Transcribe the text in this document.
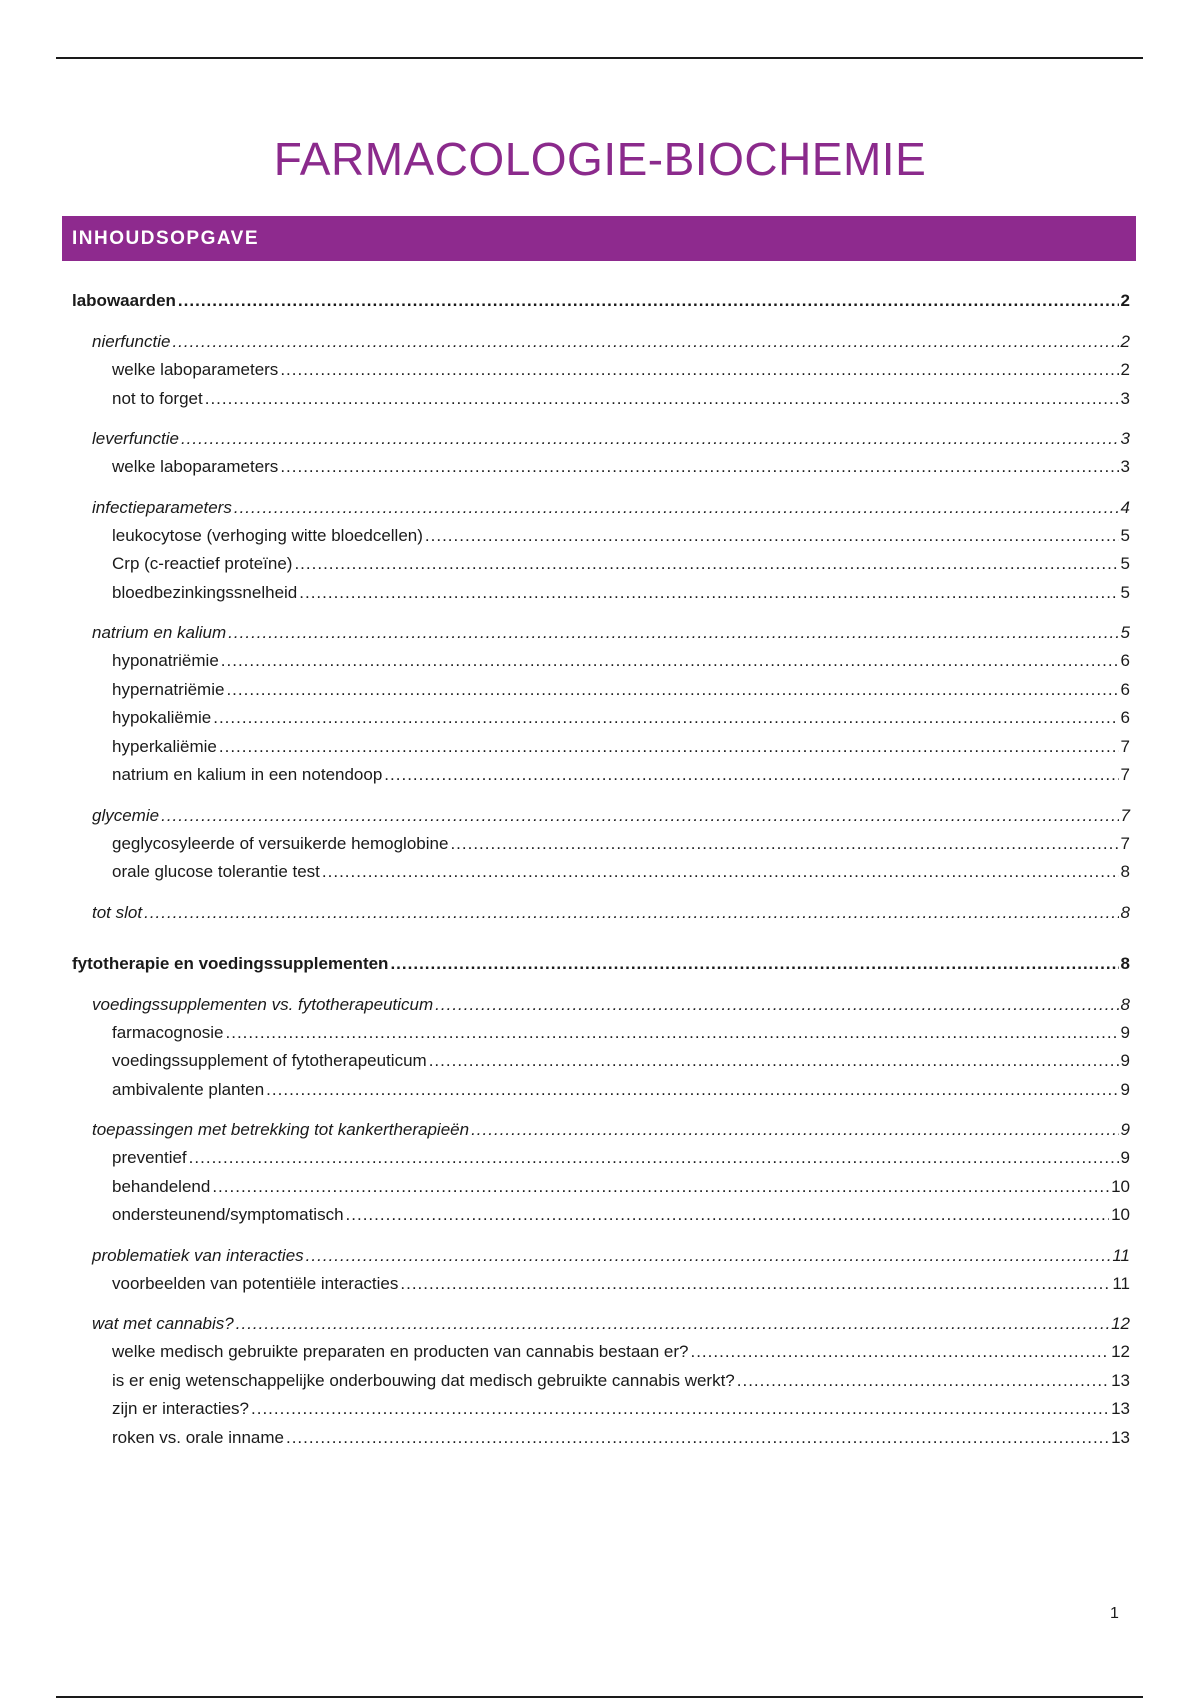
FARMACOLOGIE-BIOCHEMIE
INHOUDSOPGAVE
labowaarden .....	2
nierfunctie .....	2
welke laboparameters .....	2
not to forget .....	3
leverfunctie .....	3
welke laboparameters .....	3
infectieparameters .....	4
leukocytose (verhoging witte bloedcellen) .....	5
Crp (c-reactief proteïne) .....	5
bloedbezinkingssnelheid .....	5
natrium en kalium .....	5
hyponatriëmie .....	6
hypernatriëmie .....	6
hypokaliëmie .....	6
hyperkaliëmie .....	7
natrium en kalium in een notendoop .....	7
glycemie .....	7
geglycosyleerde of versuikerde hemoglobine .....	7
orale glucose tolerantie test .....	8
tot slot .....	8
fytotherapie en voedingssupplementen .....	8
voedingssupplementen vs. fytotherapeuticum .....	8
farmacognosie .....	9
voedingssupplement of fytotherapeuticum .....	9
ambivalente planten .....	9
toepassingen met betrekking tot kankertherapieën .....	9
preventief .....	9
behandelend .....	10
ondersteunend/symptomatisch .....	10
problematiek van interacties .....	11
voorbeelden van potentiële interacties .....	11
wat met cannabis? .....	12
welke medisch gebruikte preparaten en producten van cannabis bestaan er? .....	12
is er enig wetenschappelijke onderbouwing dat medisch gebruikte cannabis werkt? .....	13
zijn er interacties? .....	13
roken vs. orale inname .....	13
1
